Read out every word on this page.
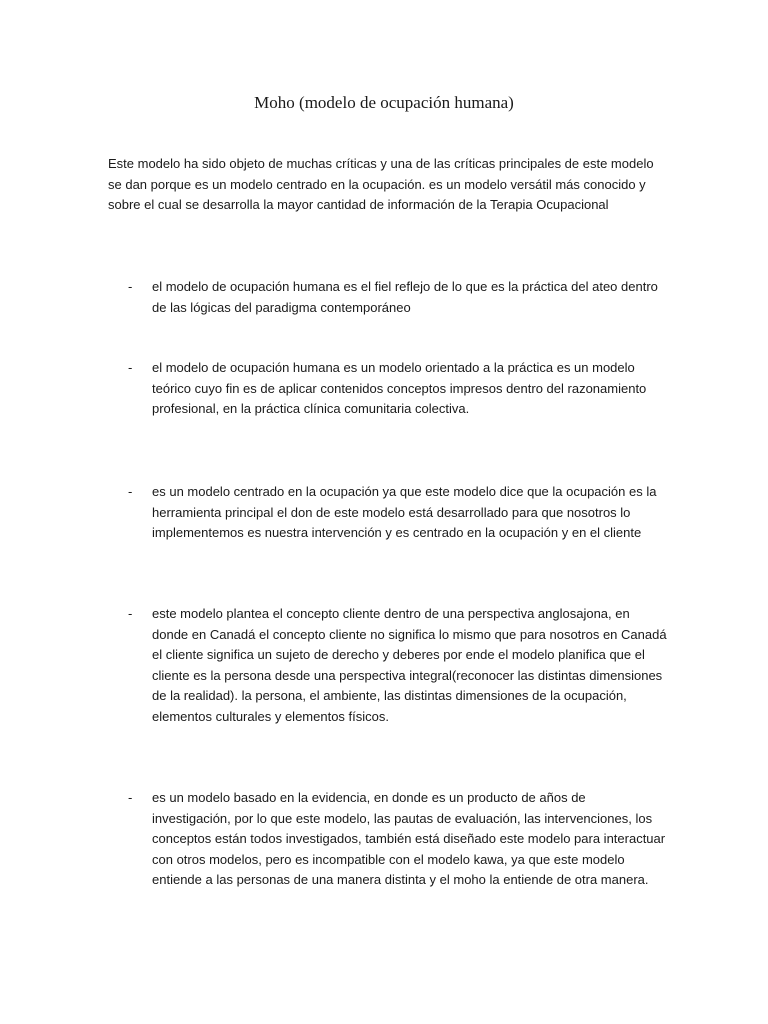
Moho (modelo de ocupación humana)
Este modelo ha sido objeto de muchas críticas y una de las críticas principales de este modelo se dan porque es un modelo centrado en la ocupación. es un modelo versátil más conocido y sobre el cual se desarrolla la mayor cantidad de información de la Terapia Ocupacional
- el modelo de ocupación humana es el fiel reflejo de lo que es la práctica del ateo dentro de las lógicas del paradigma contemporáneo
- el modelo de ocupación humana es un modelo orientado a la práctica es un modelo teórico cuyo fin es de aplicar contenidos conceptos impresos dentro del razonamiento profesional, en la práctica clínica comunitaria colectiva.
- es un modelo centrado en la ocupación ya que este modelo dice que la ocupación es la herramienta principal el don de este modelo está desarrollado para que nosotros lo implementemos es nuestra intervención y es centrado en la ocupación y en el cliente
- este modelo plantea el concepto cliente dentro de una perspectiva anglosajona, en donde en Canadá el concepto cliente no significa lo mismo que para nosotros en Canadá el cliente significa un sujeto de derecho y deberes por ende el modelo planifica que el cliente es la persona desde una perspectiva integral(reconocer las distintas dimensiones de la realidad). la persona, el ambiente, las distintas dimensiones de la ocupación, elementos culturales y elementos físicos.
- es un modelo basado en la evidencia, en donde es un producto de años de investigación, por lo que este modelo, las pautas de evaluación, las intervenciones, los conceptos están todos investigados, también está diseñado este modelo para interactuar con otros modelos, pero es incompatible con el modelo kawa, ya que este modelo entiende a las personas de una manera distinta y el moho la entiende de otra manera.
